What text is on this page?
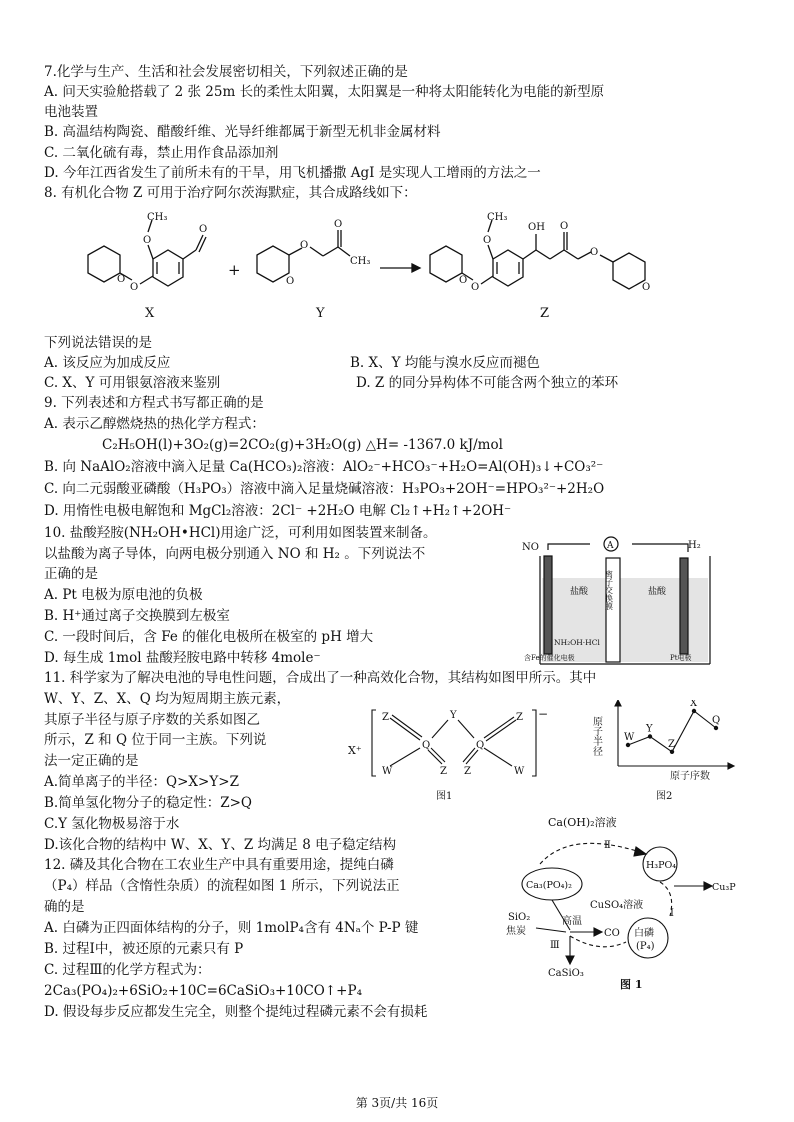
7.化学与生产、生活和社会发展密切相关，下列叙述正确的是
A. 问天实验舱搭载了 2 张 25m 长的柔性太阳翼，太阳翼是一种将太阳能转化为电能的新型原
电池装置
B. 高温结构陶瓷、醋酸纤维、光导纤维都属于新型无机非金属材料
C. 二氧化硫有毒，禁止用作食品添加剂
D. 今年江西省发生了前所未有的干旱，用飞机播撒 AgI 是实现人工增雨的方法之一
8. 有机化合物 Z 可用于治疗阿尔茨海默症，其合成路线如下：
O
O
O
CH₃
O
X
+
O
O
O
CH₃
Y
O
O
O
CH₃
OH O
O
O
Z
下列说法错误的是
A. 该反应为加成反应	B. X、Y 均能与溴水反应而褪色
C. X、Y 可用银氨溶液来鉴别	D. Z 的同分异构体不可能含两个独立的苯环
9. 下列表述和方程式书写都正确的是
A. 表示乙醇燃烧热的热化学方程式：
C₂H₅OH(l)+3O₂(g)=2CO₂(g)+3H₂O(g) △H= -1367.0 kJ/mol
B. 向 NaAlO₂溶液中滴入足量 Ca(HCO₃)₂溶液：AlO₂⁻+HCO₃⁻+H₂O=Al(OH)₃↓+CO₃²⁻
C. 向二元弱酸亚磷酸（H₃PO₃）溶液中滴入足量烧碱溶液：H₃PO₃+2OH⁻=HPO₃²⁻+2H₂O
D. 用惰性电极电解饱和 MgCl₂溶液：2Cl⁻ +2H₂O 电解 Cl₂↑+H₂↑+2OH⁻
10. 盐酸羟胺(NH₂OH•HCl)用途广泛，可利用如图装置来制备。
以盐酸为离子导体，向两电极分别通入 NO 和 H₂ 。下列说法不
正确的是
A. Pt 电极为原电池的负极
B. H⁺通过离子交换膜到左极室
C. 一段时间后，含 Fe 的催化电极所在极室的 pH 增大
D. 每生成 1mol 盐酸羟胺电路中转移 4mole⁻
NO	H₂
A
盐酸	盐酸
离子交换膜
NH₂OH·HCl
含Fe的催化电极	Pt电极
11. 科学家为了解决电池的导电性问题，合成出了一种高效化合物，其结构如图甲所示。其中
W、Y、Z、X、Q 均为短周期主族元素，
其原子半径与原子序数的关系如图乙
所示，Z 和 Q 位于同一主族。下列说
法一定正确的是
A.简单离子的半径：Q>X>Y>Z
B.简单氢化物分子的稳定性：Z>Q
C.Y 氢化物极易溶于水
D.该化合物的结构中 W、X、Y、Z 均满足 8 电子稳定结构
X⁺
−
Z
W
Q
Y
Q
Z
W
Z Z
图1
原子半径
原子序数
W
Y
Z
X
Q
图2
12. 磷及其化合物在工农业生产中具有重要用途，提纯白磷
（P₄）样品（含惰性杂质）的流程如图 1 所示，下列说法正
确的是
A. 白磷为正四面体结构的分子，则 1molP₄含有 4Nₐ个 P-P 键
B. 过程Ⅰ中，被还原的元素只有 P
C. 过程Ⅲ的化学方程式为：
2Ca₃(PO₄)₂+6SiO₂+10C=6CaSiO₃+10CO↑+P₄
D. 假设每步反应都发生完全，则整个提纯过程磷元素不会有损耗
Ca(OH)₂溶液
Ⅱ
H₃PO₄
Ca₃(PO₄)₂	Cu₃P
CuSO₄溶液
Ⅰ
白磷
(P₄)
SiO₂
焦炭
高温
CO
Ⅲ
CaSiO₃
图 1
第 3页/共 16页
